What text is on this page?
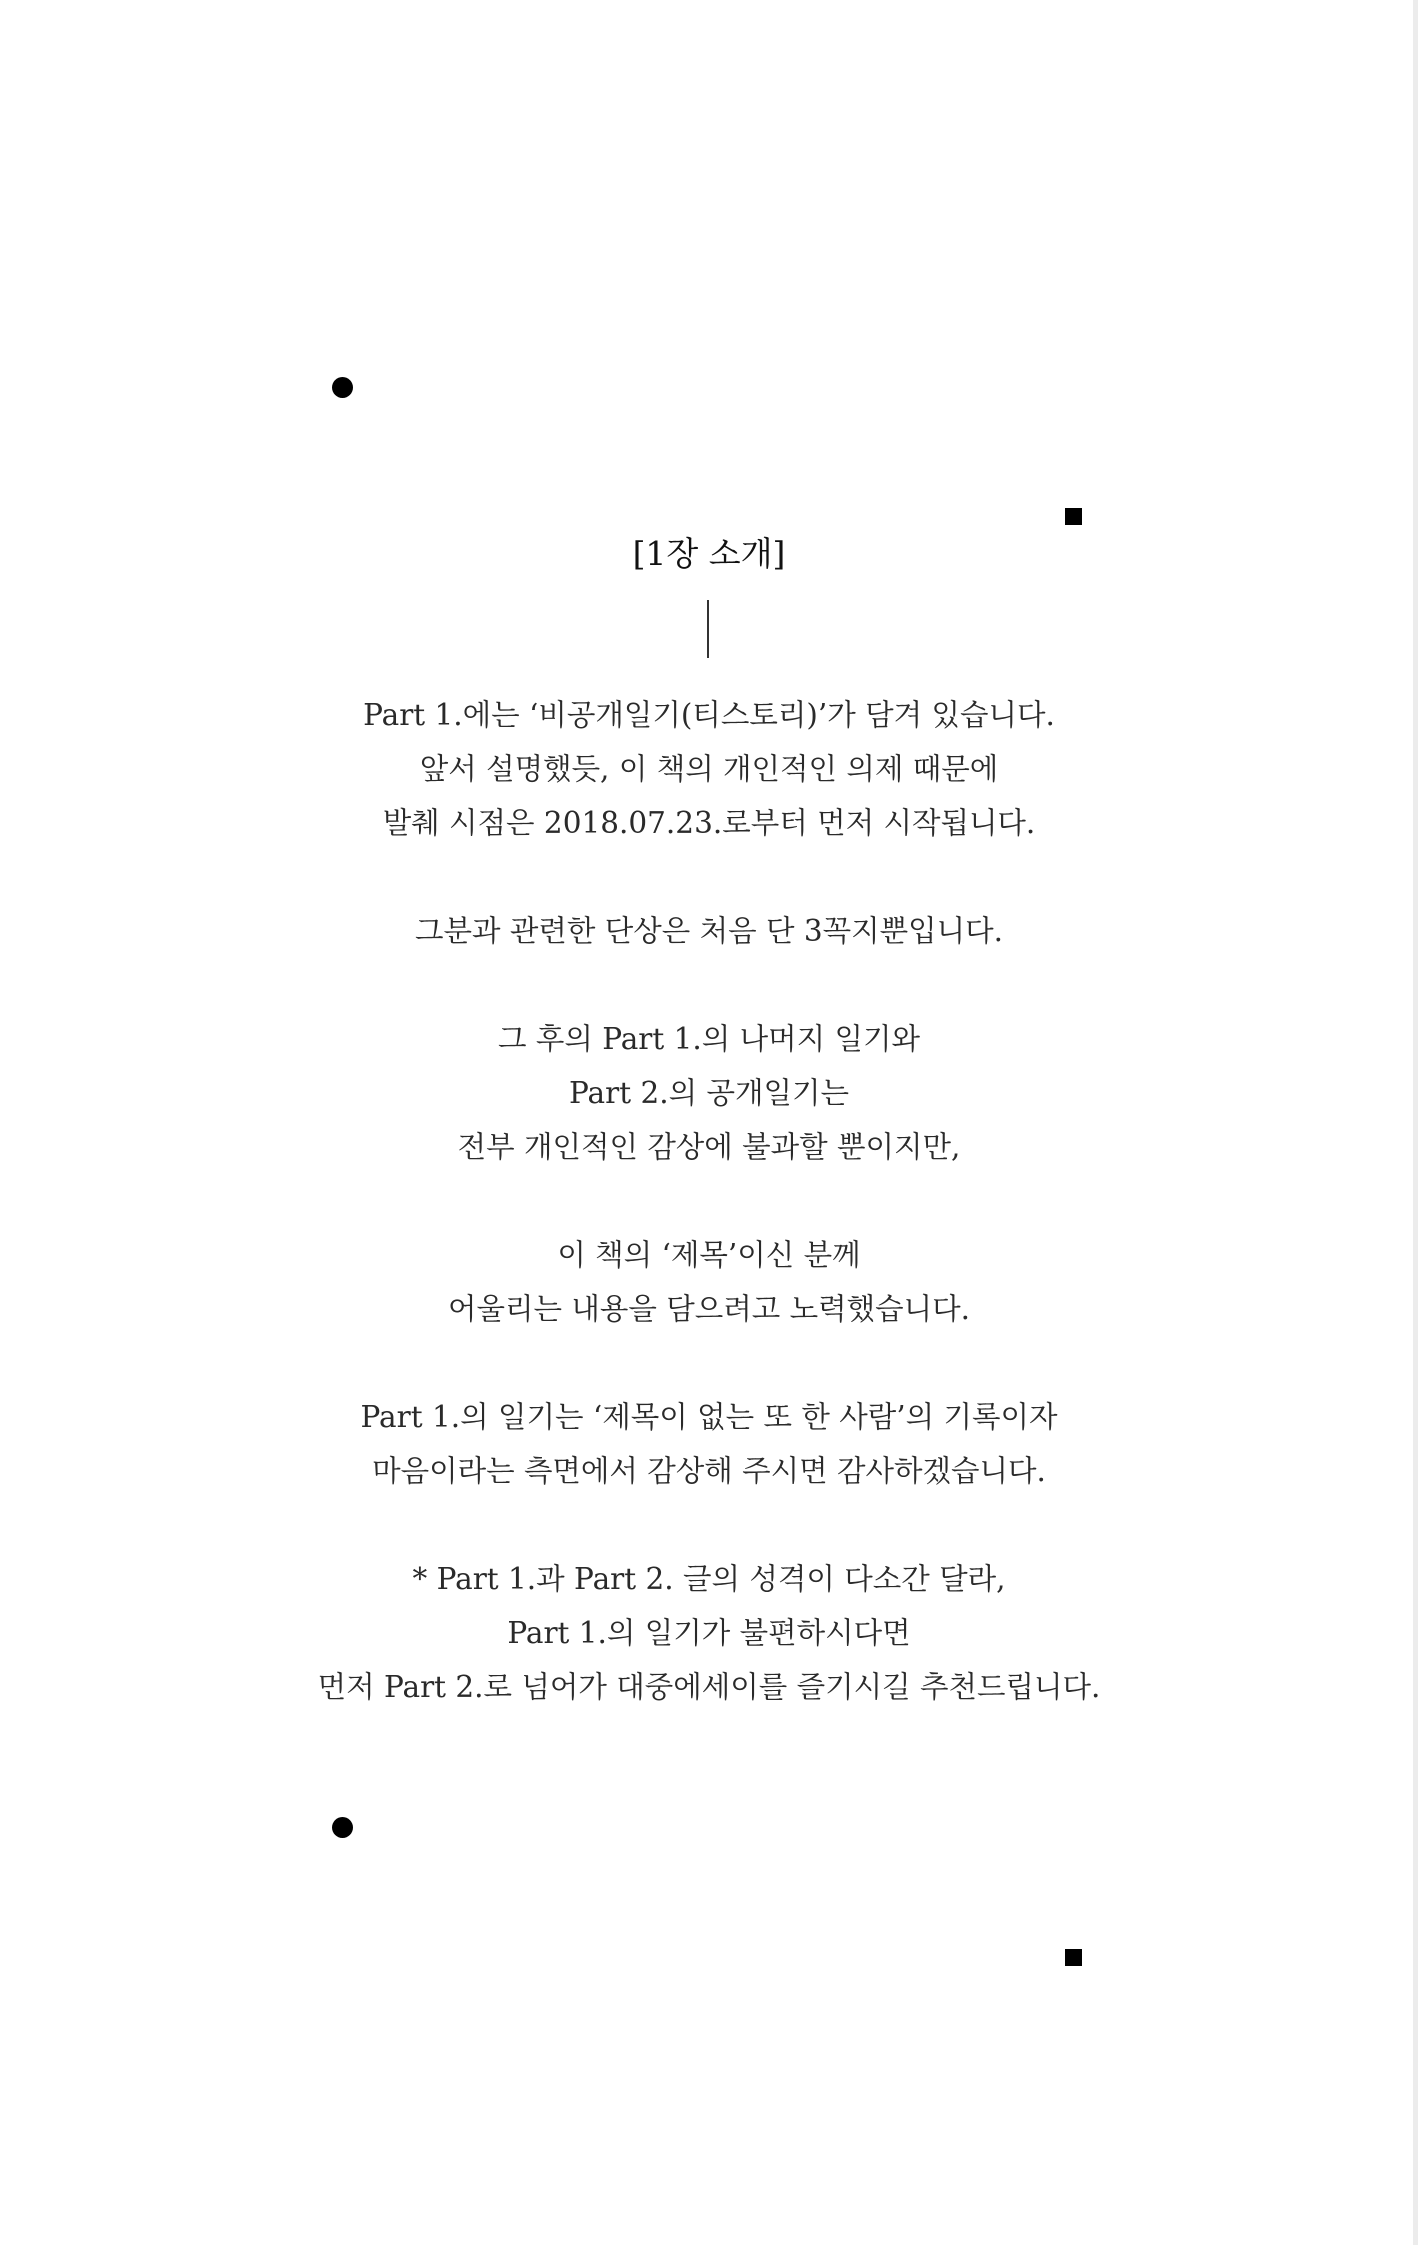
[1장 소개]
Part 1.에는 ‘비공개일기(티스토리)’가 담겨 있습니다.
앞서 설명했듯, 이 책의 개인적인 의제 때문에
발췌 시점은 2018.07.23.로부터 먼저 시작됩니다.
그분과 관련한 단상은 처음 단 3꼭지뿐입니다.
그 후의 Part 1.의 나머지 일기와
Part 2.의 공개일기는
전부 개인적인 감상에 불과할 뿐이지만,
이 책의 ‘제목’이신 분께
어울리는 내용을 담으려고 노력했습니다.
Part 1.의 일기는 ‘제목이 없는 또 한 사람’의 기록이자
마음이라는 측면에서 감상해 주시면 감사하겠습니다.
* Part 1.과 Part 2. 글의 성격이 다소간 달라,
Part 1.의 일기가 불편하시다면
먼저 Part 2.로 넘어가 대중에세이를 즐기시길 추천드립니다.
